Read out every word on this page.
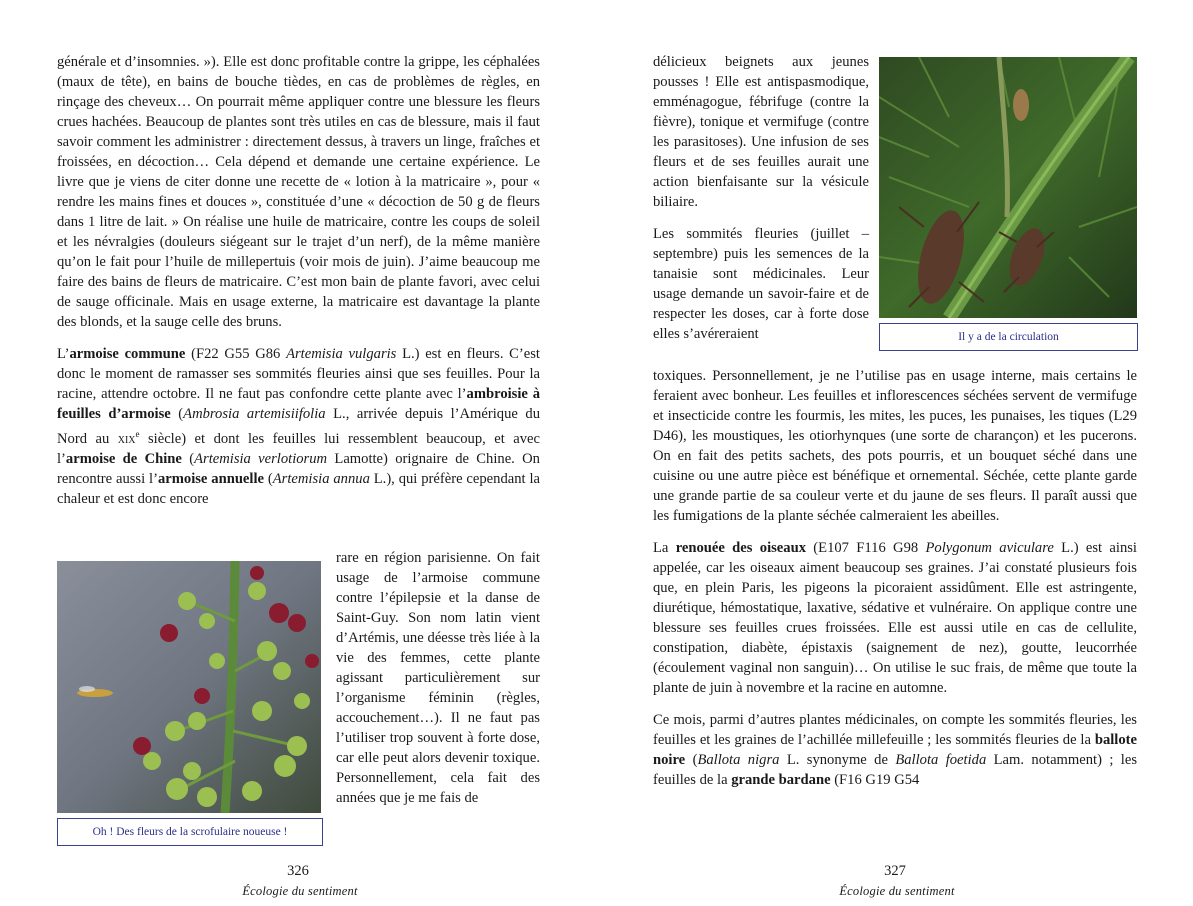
générale et d’insomnies. »). Elle est donc profitable contre la grippe, les céphalées (maux de tête), en bains de bouche tièdes, en cas de problèmes de règles, en rinçage des cheveux… On pourrait même appliquer contre une blessure les fleurs crues hachées. Beaucoup de plantes sont très utiles en cas de blessure, mais il faut savoir comment les administrer : directement dessus, à travers un linge, fraîches et froissées, en décoction… Cela dépend et demande une certaine expérience. Le livre que je viens de citer donne une recette de « lotion à la matricaire », pour « rendre les mains fines et douces », constituée d’une « décoction de 50 g de fleurs dans 1 litre de lait. » On réalise une huile de matricaire, contre les coups de soleil et les névralgies (douleurs siégeant sur le trajet d’un nerf), de la même manière qu’on le fait pour l’huile de millepertuis (voir mois de juin). J’aime beaucoup me faire des bains de fleurs de matricaire. C’est mon bain de plante favori, avec celui de sauge officinale. Mais en usage externe, la matricaire est davantage la plante des blonds, et la sauge celle des bruns.

L’armoise commune (F22 G55 G86 Artemisia vulgaris L.) est en fleurs. C’est donc le moment de ramasser ses sommités fleuries ainsi que ses feuilles. Pour la racine, attendre octobre. Il ne faut pas confondre cette plante avec l’ambroisie à feuilles d’armoise (Ambrosia artemisiifolia L., arrivée depuis l’Amérique du Nord au xix$^e$ siècle) et dont les feuilles lui ressemblent beaucoup, et avec l’armoise de Chine (Artemisia verlotiorum Lamotte) orignaire de Chine. On rencontre aussi l’armoise annuelle (Artemisia annua L.), qui préfère cependant la chaleur et est donc encore

rare en région parisienne. On fait usage de l’armoise commune contre l’épilepsie et la danse de Saint-Guy. Son nom latin vient d’Artémis, une déesse très liée à la vie des femmes, cette plante agissant particulièrement sur l’organisme féminin (règles, accouchement…). Il ne faut pas l’utiliser trop souvent à forte dose, car elle peut alors devenir toxique. Personnellement, cela fait des années que je me fais de
Oh ! Des fleurs de la scrofulaire noueuse !
326
Écologie du sentiment

délicieux beignets aux jeunes pousses ! Elle est antispasmodique, emménagogue, fébrifuge (contre la fièvre), tonique et vermifuge (contre les parasitoses). Une infusion de ses fleurs et de ses feuilles aurait une action bienfaisante sur la vésicule biliaire.

Les sommités fleuries (juillet – septembre) puis les semences de la tanaisie sont médicinales. Leur usage demande un savoir-faire et de respecter les doses, car à forte dose elles s’avéreraient	Il y a de la circulation

toxiques. Personnellement, je ne l’utilise pas en usage interne, mais certains le feraient avec bonheur. Les feuilles et inflorescences séchées servent de vermifuge et insecticide contre les fourmis, les mites, les puces, les punaises, les tiques (L29 D46), les moustiques, les otiorhynques (une sorte de charançon) et les pucerons. On en fait des petits sachets, des pots pourris, et un bouquet séché dans une cuisine ou une autre pièce est bénéfique et ornemental. Séchée, cette plante garde une grande partie de sa couleur verte et du jaune de ses fleurs. Il paraît aussi que les fumigations de la plante séchée calmeraient les abeilles.

La renouée des oiseaux (E107 F116 G98 Polygonum aviculare L.) est ainsi appelée, car les oiseaux aiment beaucoup ses graines. J’ai constaté plusieurs fois que, en plein Paris, les pigeons la picoraient assidûment. Elle est astringente, diurétique, hémostatique, laxative, sédative et vulnéraire. On applique contre une blessure ses feuilles crues froissées. Elle est aussi utile en cas de cellulite, constipation, diabète, épistaxis (saignement de nez), goutte, leucorrhée (écoulement vaginal non sanguin)… On utilise le suc frais, de même que toute la plante de juin à novembre et la racine en automne.

Ce mois, parmi d’autres plantes médicinales, on compte les sommités fleuries, les feuilles et les graines de l’achillée millefeuille ; les sommités fleuries de la ballote noire (Ballota nigra L. synonyme de Ballota foetida Lam. notamment) ; les feuilles de la grande bardane (F16 G19 G54

327
Écologie du sentiment
